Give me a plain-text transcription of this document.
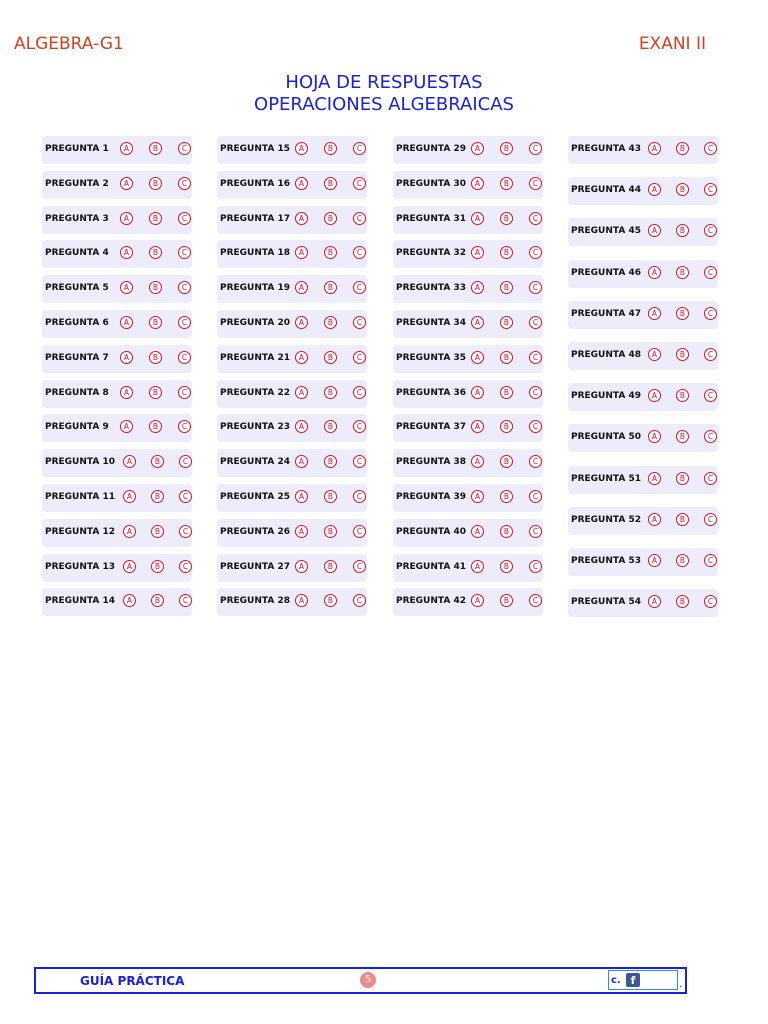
ALGEBRA-G1	EXANI II
HOJA DE RESPUESTAS
OPERACIONES ALGEBRAICAS
PREGUNTA 1	A	B	C
PREGUNTA 2	A	B	C
PREGUNTA 3	A	B	C
PREGUNTA 4	A	B	C
PREGUNTA 5	A	B	C
PREGUNTA 6	A	B	C
PREGUNTA 7	A	B	C
PREGUNTA 8	A	B	C
PREGUNTA 9	A	B	C
PREGUNTA 10	A	B	C
PREGUNTA 11	A	B	C
PREGUNTA 12	A	B	C
PREGUNTA 13	A	B	C
PREGUNTA 14	A	B	C
PREGUNTA 15	A	B	C
PREGUNTA 16	A	B	C
PREGUNTA 17	A	B	C
PREGUNTA 18	A	B	C
PREGUNTA 19	A	B	C
PREGUNTA 20	A	B	C
PREGUNTA 21	A	B	C
PREGUNTA 22	A	B	C
PREGUNTA 23	A	B	C
PREGUNTA 24	A	B	C
PREGUNTA 25	A	B	C
PREGUNTA 26	A	B	C
PREGUNTA 27	A	B	C
PREGUNTA 28	A	B	C
PREGUNTA 29	A	B	C
PREGUNTA 30	A	B	C
PREGUNTA 31	A	B	C
PREGUNTA 32	A	B	C
PREGUNTA 33	A	B	C
PREGUNTA 34	A	B	C
PREGUNTA 35	A	B	C
PREGUNTA 36	A	B	C
PREGUNTA 37	A	B	C
PREGUNTA 38	A	B	C
PREGUNTA 39	A	B	C
PREGUNTA 40	A	B	C
PREGUNTA 41	A	B	C
PREGUNTA 42	A	B	C
PREGUNTA 43	A	B	C
PREGUNTA 44	A	B	C
PREGUNTA 45	A	B	C
PREGUNTA 46	A	B	C
PREGUNTA 47	A	B	C
PREGUNTA 48	A	B	C
PREGUNTA 49	A	B	C
PREGUNTA 50	A	B	C
PREGUNTA 51	A	B	C
PREGUNTA 52	A	B	C
PREGUNTA 53	A	B	C
PREGUNTA 54	A	B	C
GUÍA PRÁCTICA	5	c. f	.
